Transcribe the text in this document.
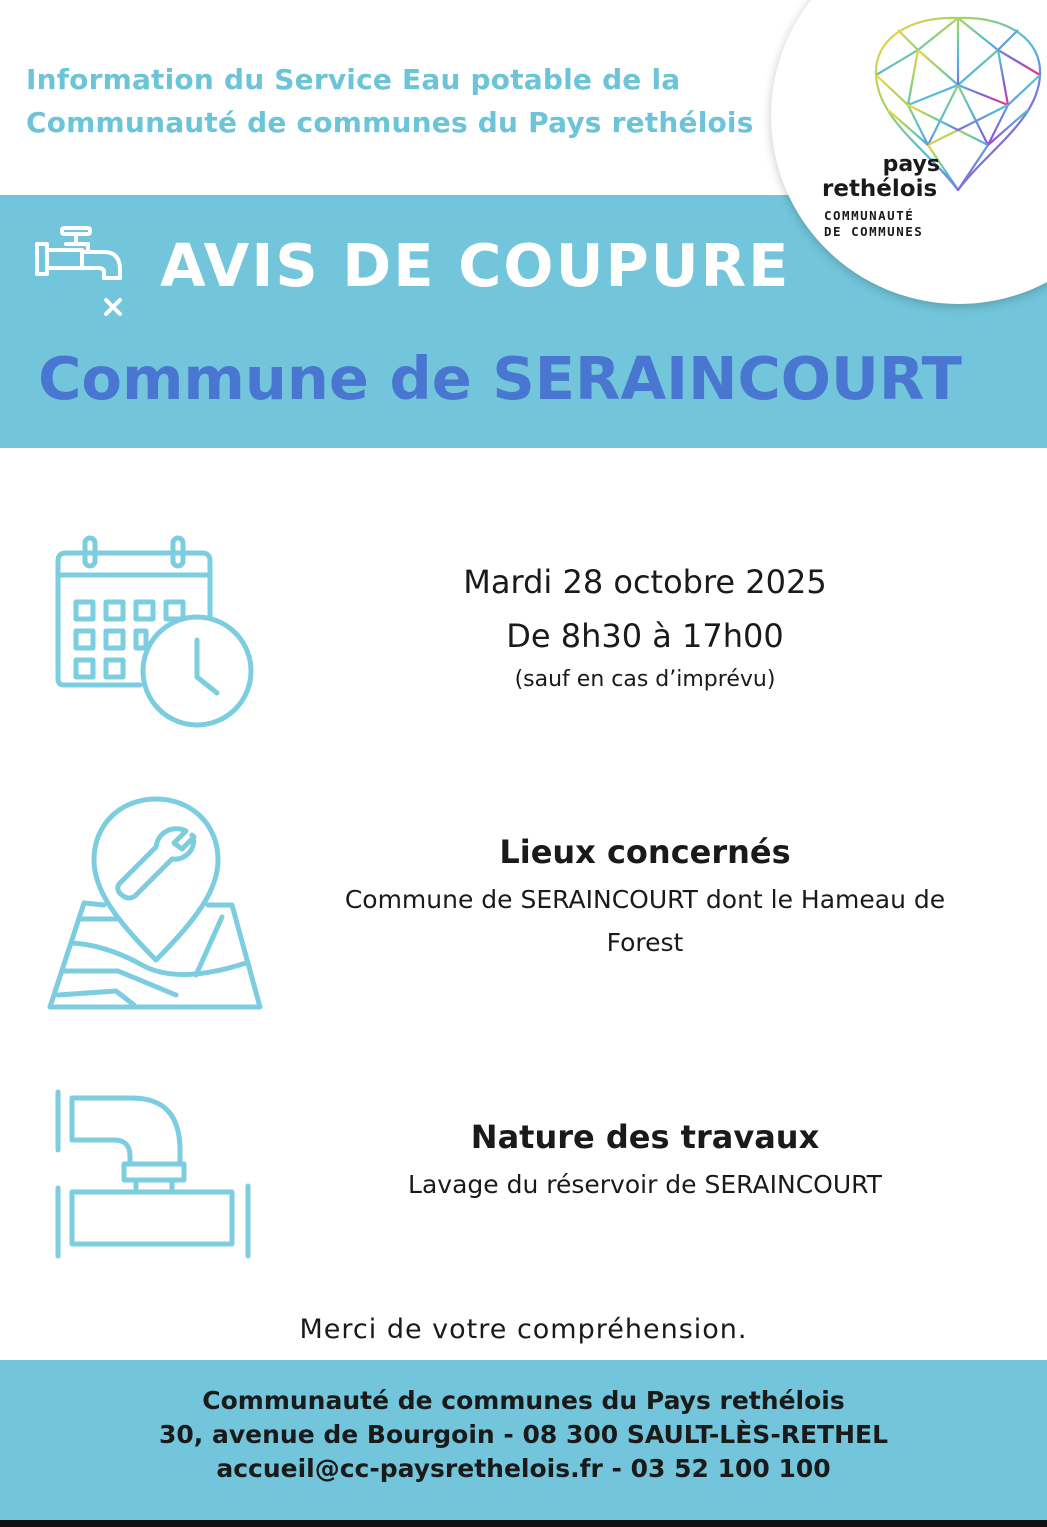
Information du Service Eau potable de la
Communauté de communes du Pays rethélois
AVIS DE COUPURE
Commune de SERAINCOURT
pays
rethélois
COMMUNAUTÉ
DE COMMUNES
Mardi 28 octobre 2025
De 8h30 à 17h00
(sauf en cas d’imprévu)
Lieux concernés
Commune de SERAINCOURT dont le Hameau de
Forest
Nature des travaux
Lavage du réservoir de SERAINCOURT
Merci de votre compréhension.
Communauté de communes du Pays rethélois
30, avenue de Bourgoin - 08 300 SAULT-LÈS-RETHEL
accueil@cc-paysrethelois.fr - 03 52 100 100
